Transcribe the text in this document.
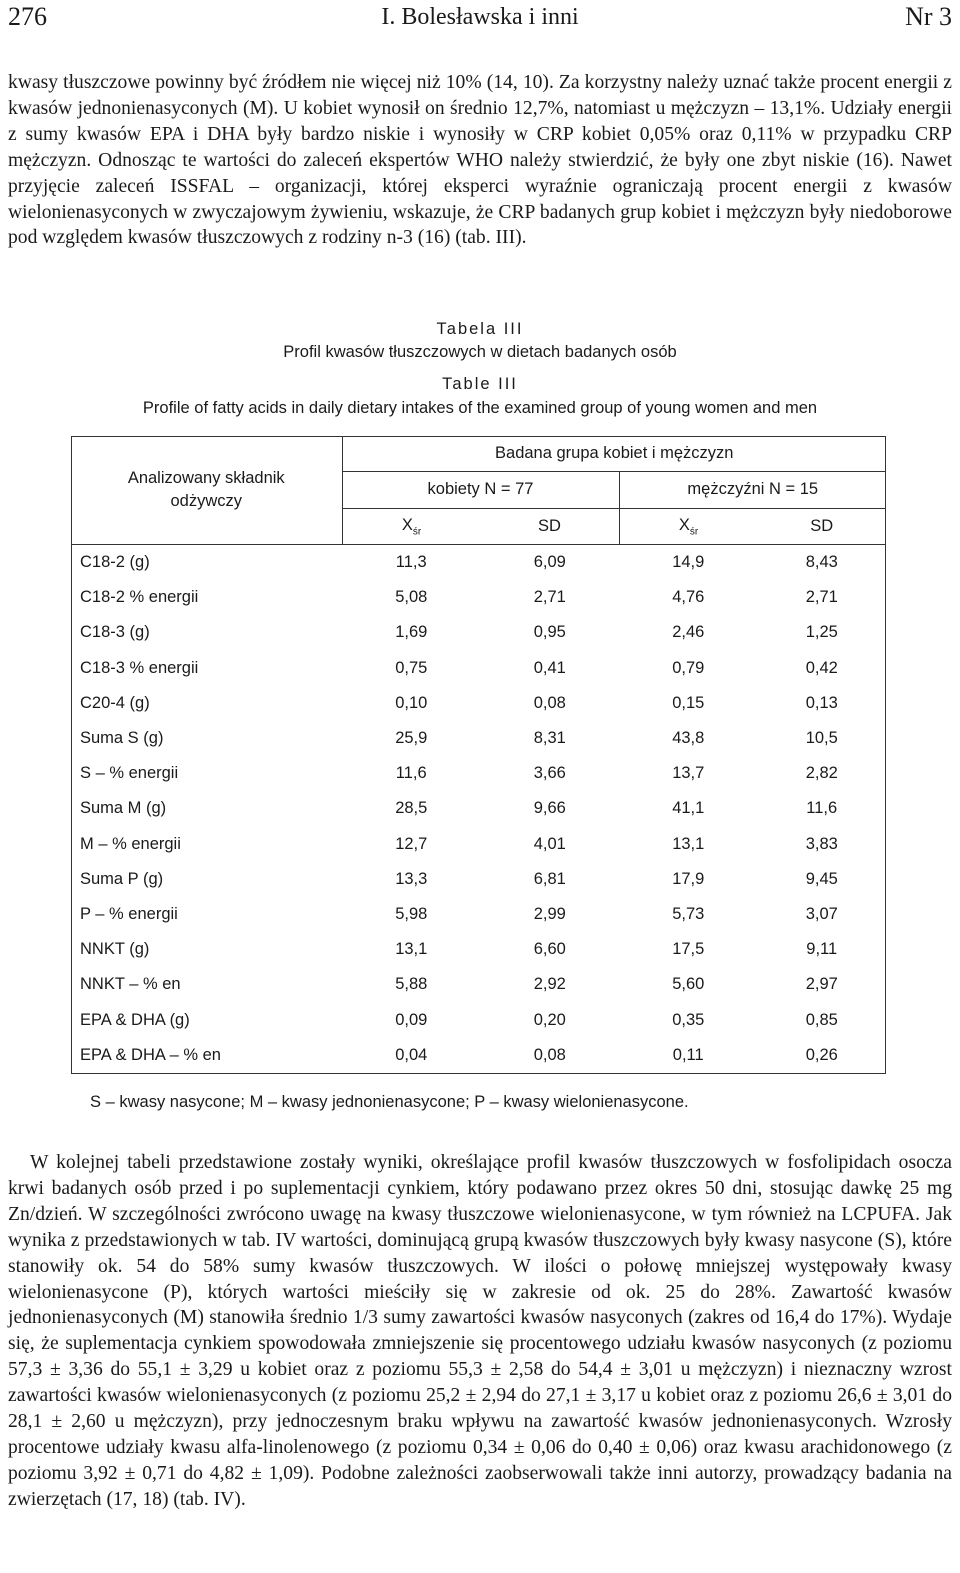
276	I. Bolesławska i inni	Nr 3
kwasy tłuszczowe powinny być źródłem nie więcej niż 10% (14, 10). Za korzystny należy uznać także procent energii z kwasów jednonienasyconych (M). U kobiet wynosił on średnio 12,7%, natomiast u mężczyzn – 13,1%. Udziały energii z sumy kwasów EPA i DHA były bardzo niskie i wynosiły w CRP kobiet 0,05% oraz 0,11% w przypadku CRP mężczyzn. Odnosząc te wartości do zaleceń ekspertów WHO należy stwierdzić, że były one zbyt niskie (16). Nawet przyjęcie zaleceń ISSFAL – organizacji, której eksperci wyraźnie ograniczają procent energii z kwasów wielonienasyconych w zwyczajowym żywieniu, wskazuje, że CRP badanych grup kobiet i mężczyzn były niedoborowe pod względem kwasów tłuszczowych z rodziny n-3 (16) (tab. III).
Tabela III
Profil kwasów tłuszczowych w dietach badanych osób
Table III
Profile of fatty acids in daily dietary intakes of the examined group of young women and men
Analizowany składnik odżywczy	Badana grupa kobiet i mężczyzn			
	kobiety N = 77		mężczyźni N = 15	
	$X_{śr}$	SD	$X_{śr}$	SD
C18-2 (g)	11,3	6,09	14,9	8,43
C18-2 % energii	5,08	2,71	4,76	2,71
C18-3 (g)	1,69	0,95	2,46	1,25
C18-3 % energii	0,75	0,41	0,79	0,42
C20-4 (g)	0,10	0,08	0,15	0,13
Suma S (g)	25,9	8,31	43,8	10,5
S – % energii	11,6	3,66	13,7	2,82
Suma M (g)	28,5	9,66	41,1	11,6
M – % energii	12,7	4,01	13,1	3,83
Suma P (g)	13,3	6,81	17,9	9,45
P – % energii	5,98	2,99	5,73	3,07
NNKT (g)	13,1	6,60	17,5	9,11
NNKT – % en	5,88	2,92	5,60	2,97
EPA & DHA (g)	0,09	0,20	0,35	0,85
EPA & DHA – % en	0,04	0,08	0,11	0,26
S – kwasy nasycone; M – kwasy jednonienasycone; P – kwasy wielonienasycone.
W kolejnej tabeli przedstawione zostały wyniki, określające profil kwasów tłuszczowych w fosfolipidach osocza krwi badanych osób przed i po suplementacji cynkiem, który podawano przez okres 50 dni, stosując dawkę 25 mg Zn/dzień. W szczególności zwrócono uwagę na kwasy tłuszczowe wielonienasycone, w tym również na LCPUFA. Jak wynika z przedstawionych w tab. IV wartości, dominującą grupą kwasów tłuszczowych były kwasy nasycone (S), które stanowiły ok. 54 do 58% sumy kwasów tłuszczowych. W ilości o połowę mniejszej występowały kwasy wielonienasycone (P), których wartości mieściły się w zakresie od ok. 25 do 28%. Zawartość kwasów jednonienasyconych (M) stanowiła średnio 1/3 sumy zawartości kwasów nasyconych (zakres od 16,4 do 17%). Wydaje się, że suplementacja cynkiem spowodowała zmniejszenie się procentowego udziału kwasów nasyconych (z poziomu 57,3 ± 3,36 do 55,1 ± 3,29 u kobiet oraz z poziomu 55,3 ± 2,58 do 54,4 ± 3,01 u mężczyzn) i nieznaczny wzrost zawartości kwasów wielonienasyconych (z poziomu 25,2 ± 2,94 do 27,1 ± 3,17 u kobiet oraz z poziomu 26,6 ± 3,01 do 28,1 ± 2,60 u mężczyzn), przy jednoczesnym braku wpływu na zawartość kwasów jednonienasyconych. Wzrosły procentowe udziały kwasu alfa-linolenowego (z poziomu 0,34 ± 0,06 do 0,40 ± 0,06) oraz kwasu arachidonowego (z poziomu 3,92 ± 0,71 do 4,82 ± 1,09). Podobne zależności zaobserwowali także inni autorzy, prowadzący badania na zwierzętach (17, 18) (tab. IV).
